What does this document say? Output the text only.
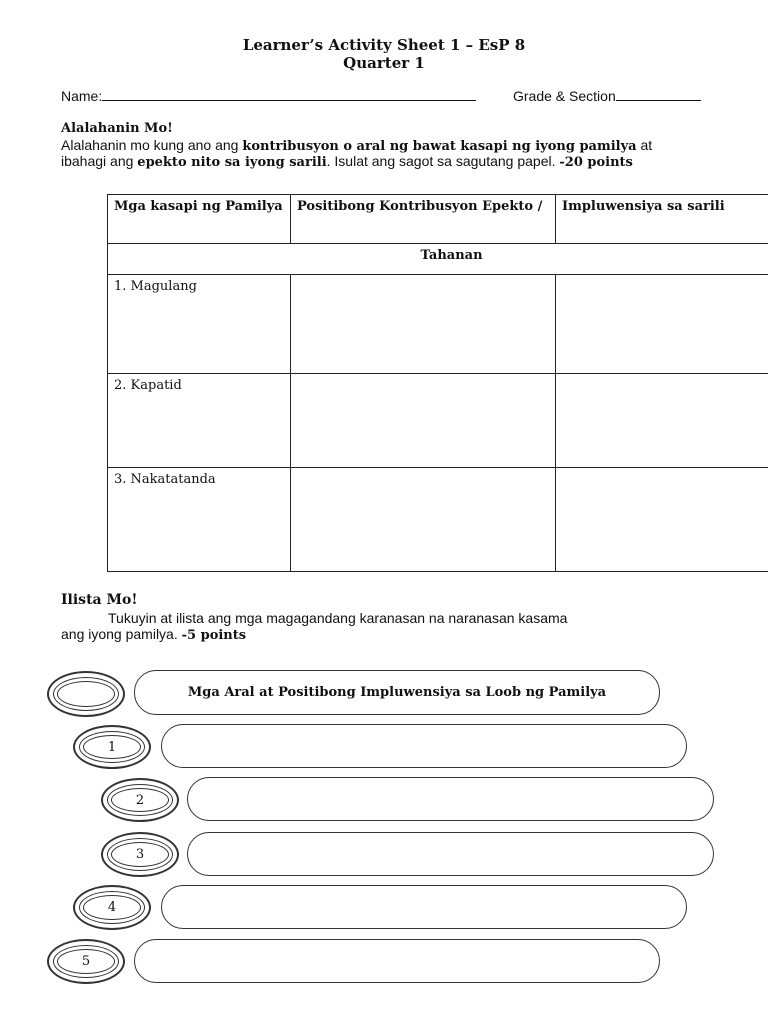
Learner’s Activity Sheet 1 – EsP 8
Quarter 1
Name:	Grade & Section
Alalahanin Mo!
Alalahanin mo kung ano ang kontribusyon o aral ng bawat kasapi ng iyong pamilya at
ibahagi ang epekto nito sa iyong sarili. Isulat ang sagot sa sagutang papel. -20 points
Mga kasapi ng Pamilya	Positibong Kontribusyon Epekto /	Impluwensiya sa sarili
Tahanan		
1. Magulang		
2. Kapatid		
3. Nakatatanda		
Ilista Mo!
Tukuyin at ilista ang mga magagandang karanasan na naranasan kasama
ang iyong pamilya. -5 points
Mga Aral at Positibong Impluwensiya sa Loob ng Pamilya
1
2
3
4
5
